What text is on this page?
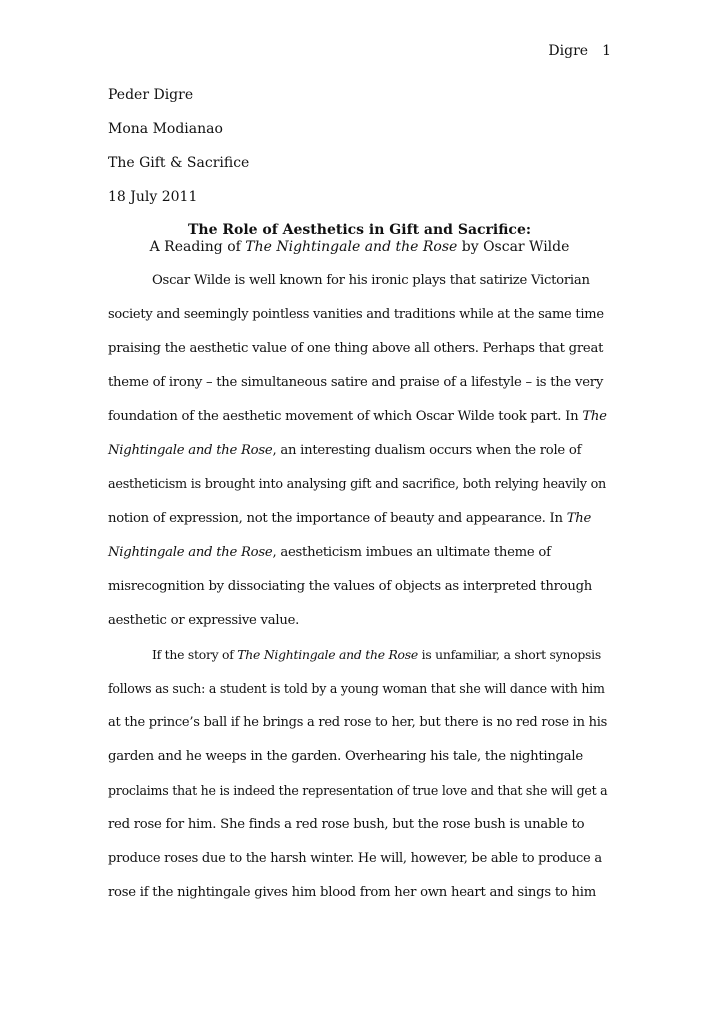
Digre 1
Peder Digre
Mona Modianao
The Gift & Sacrifice
18 July 2011
The Role of Aesthetics in Gift and Sacrifice:
A Reading of The Nightingale and the Rose by Oscar Wilde
Oscar Wilde is well known for his ironic plays that satirize Victorian
society and seemingly pointless vanities and traditions while at the same time
praising the aesthetic value of one thing above all others. Perhaps that great
theme of irony – the simultaneous satire and praise of a lifestyle – is the very
foundation of the aesthetic movement of which Oscar Wilde took part. In The
Nightingale and the Rose, an interesting dualism occurs when the role of
aestheticism is brought into analysing gift and sacrifice, both relying heavily on
notion of expression, not the importance of beauty and appearance. In The
Nightingale and the Rose, aestheticism imbues an ultimate theme of
misrecognition by dissociating the values of objects as interpreted through
aesthetic or expressive value.
If the story of The Nightingale and the Rose is unfamiliar, a short synopsis
follows as such: a student is told by a young woman that she will dance with him
at the prince’s ball if he brings a red rose to her, but there is no red rose in his
garden and he weeps in the garden. Overhearing his tale, the nightingale
proclaims that he is indeed the representation of true love and that she will get a
red rose for him. She finds a red rose bush, but the rose bush is unable to
produce roses due to the harsh winter. He will, however, be able to produce a
rose if the nightingale gives him blood from her own heart and sings to him
